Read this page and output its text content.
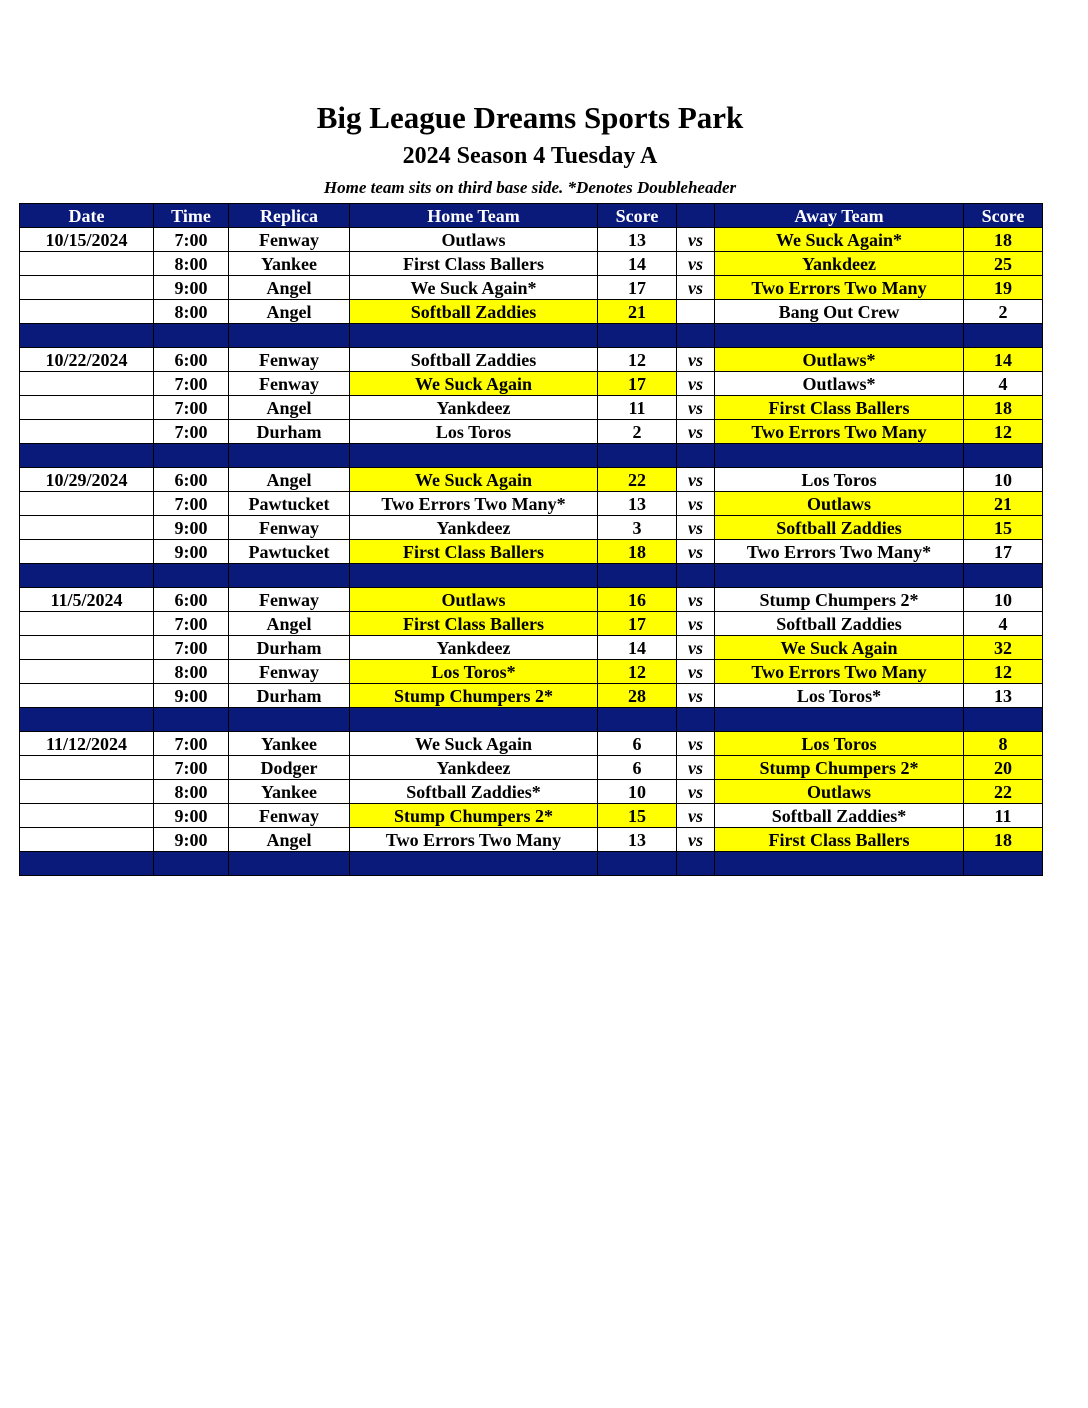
Big League Dreams Sports Park
2024 Season 4 Tuesday A
Home team sits on third base side. *Denotes Doubleheader
Date	Time	Replica	Home Team	Score		Away Team	Score
10/15/2024	7:00	Fenway	Outlaws	13	vs	We Suck Again*	18
	8:00	Yankee	First Class Ballers	14	vs	Yankdeez	25
	9:00	Angel	We Suck Again*	17	vs	Two Errors Two Many	19
	8:00	Angel	Softball Zaddies	21		Bang Out Crew	2

10/22/2024	6:00	Fenway	Softball Zaddies	12	vs	Outlaws*	14
	7:00	Fenway	We Suck Again	17	vs	Outlaws*	4
	7:00	Angel	Yankdeez	11	vs	First Class Ballers	18
	7:00	Durham	Los Toros	2	vs	Two Errors Two Many	12

10/29/2024	6:00	Angel	We Suck Again	22	vs	Los Toros	10
	7:00	Pawtucket	Two Errors Two Many*	13	vs	Outlaws	21
	9:00	Fenway	Yankdeez	3	vs	Softball Zaddies	15
	9:00	Pawtucket	First Class Ballers	18	vs	Two Errors Two Many*	17

11/5/2024	6:00	Fenway	Outlaws	16	vs	Stump Chumpers 2*	10
	7:00	Angel	First Class Ballers	17	vs	Softball Zaddies	4
	7:00	Durham	Yankdeez	14	vs	We Suck Again	32
	8:00	Fenway	Los Toros*	12	vs	Two Errors Two Many	12
	9:00	Durham	Stump Chumpers 2*	28	vs	Los Toros*	13

11/12/2024	7:00	Yankee	We Suck Again	6	vs	Los Toros	8
	7:00	Dodger	Yankdeez	6	vs	Stump Chumpers 2*	20
	8:00	Yankee	Softball Zaddies*	10	vs	Outlaws	22
	9:00	Fenway	Stump Chumpers 2*	15	vs	Softball Zaddies*	11
	9:00	Angel	Two Errors Two Many	13	vs	First Class Ballers	18
